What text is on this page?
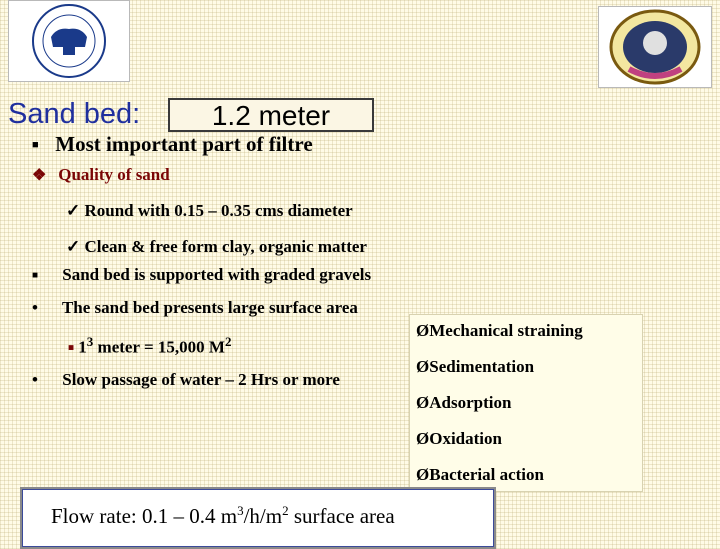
Sand bed:	1.2 meter
■ Most important part of filtre
❖ Quality of sand
✓ Round with 0.15 – 0.35 cms diameter
✓ Clean & free form clay, organic matter
■ Sand bed is supported with graded gravels
• The sand bed presents large surface area
■ $1^3$ meter = 15,000 $M^2$
• Slow passage of water – 2 Hrs or more
ØMechanical straining
ØSedimentation
ØAdsorption
ØOxidation
ØBacterial action
Flow rate: 0.1 – 0.4 $m^3/h/m^2$ surface area
